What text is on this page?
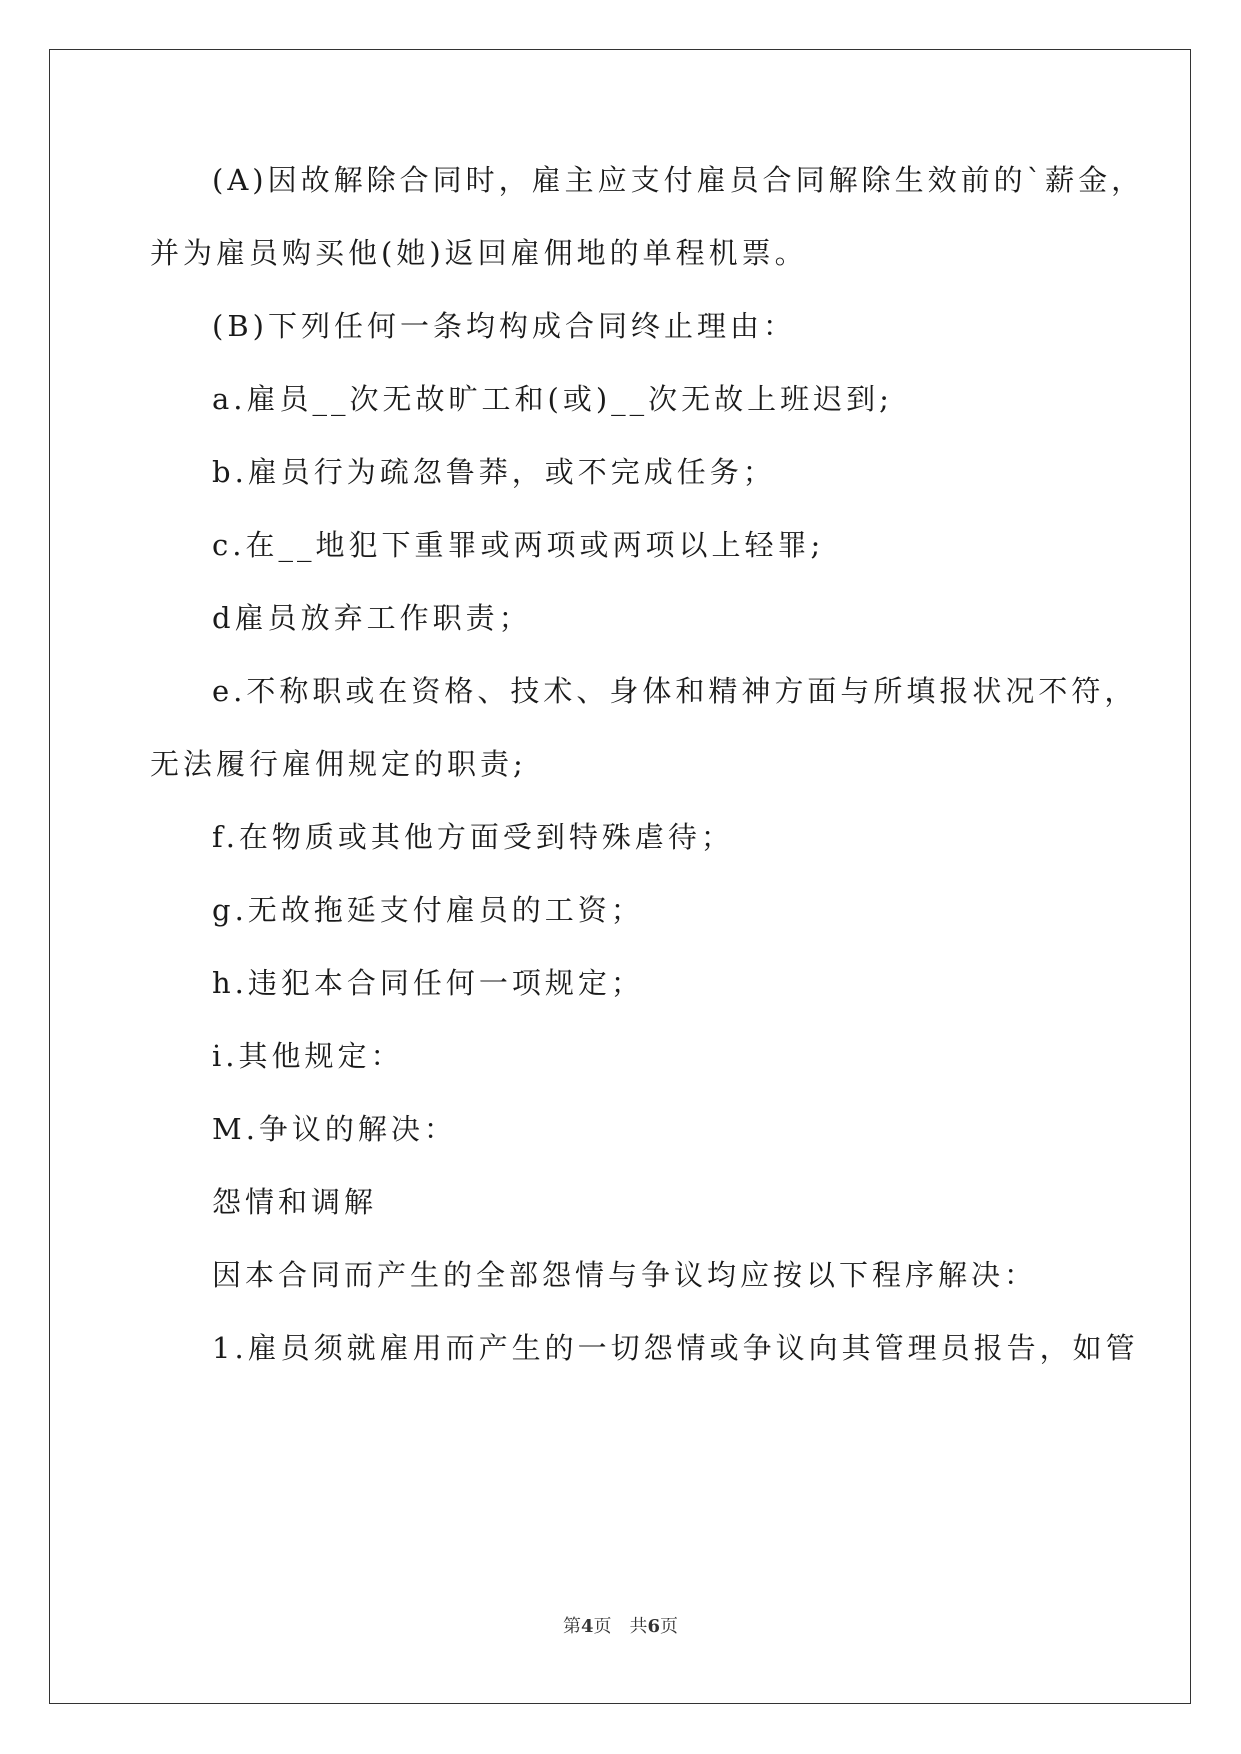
(A)因故解除合同时，雇主应支付雇员合同解除生效前的`薪金，
并为雇员购买他(她)返回雇佣地的单程机票。
(B)下列任何一条均构成合同终止理由：
a.雇员__次无故旷工和(或)__次无故上班迟到;
b.雇员行为疏忽鲁莽，或不完成任务；
c.在__地犯下重罪或两项或两项以上轻罪;
d雇员放弃工作职责；
e.不称职或在资格、技术、身体和精神方面与所填报状况不符，
无法履行雇佣规定的职责;
f.在物质或其他方面受到特殊虐待；
g.无故拖延支付雇员的工资；
h.违犯本合同任何一项规定；
i.其他规定：
M.争议的解决：
怨情和调解
因本合同而产生的全部怨情与争议均应按以下程序解决：
1.雇员须就雇用而产生的一切怨情或争议向其管理员报告，如管
第4页　共6页
